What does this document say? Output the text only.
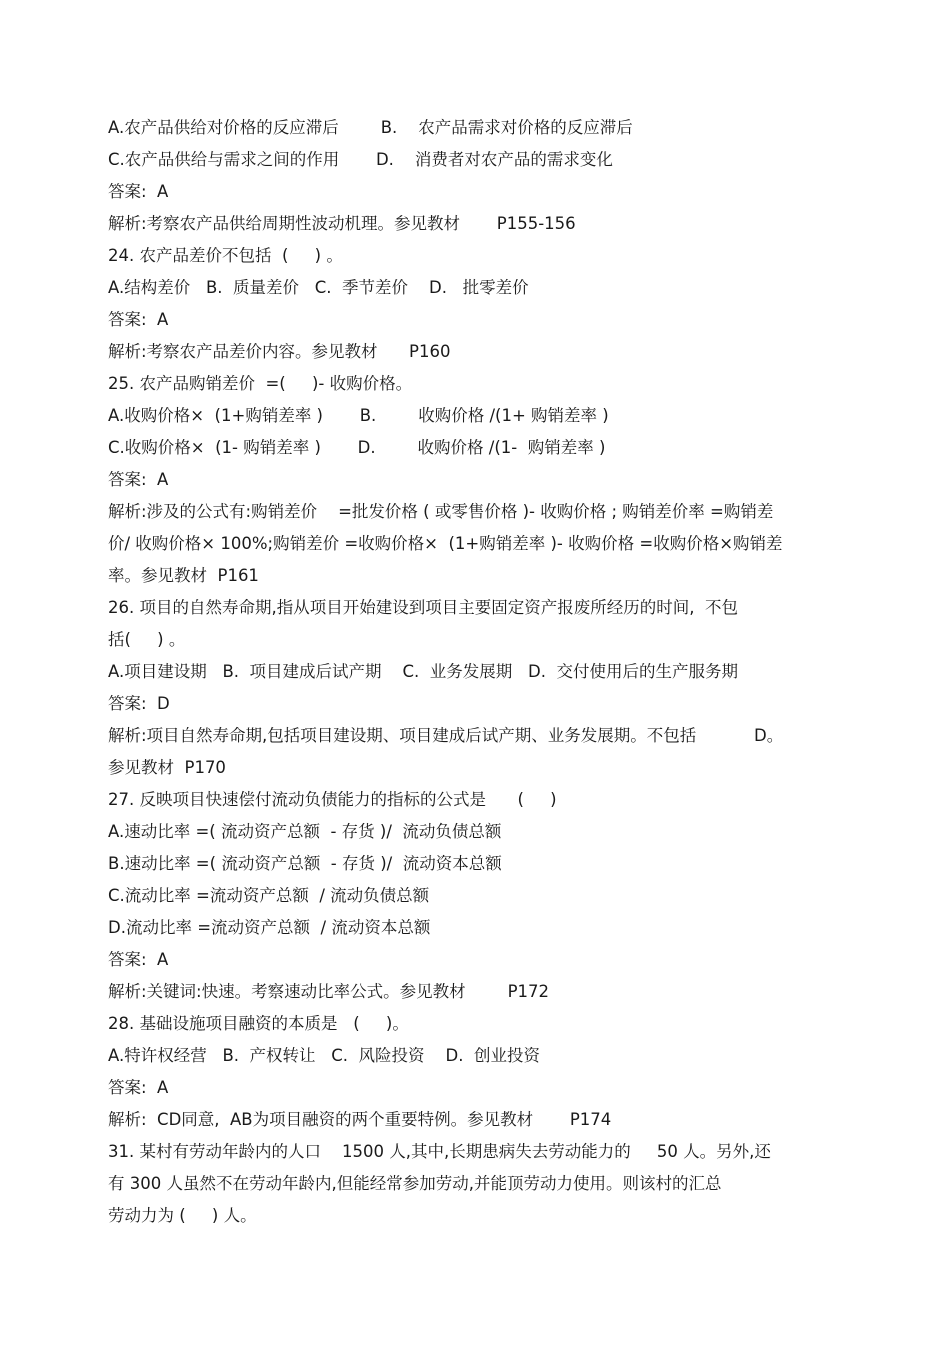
A.农产品供给对价格的反应滞后        B.    农产品需求对价格的反应滞后
C.农产品供给与需求之间的作用       D.    消费者对农产品的需求变化
答案:  A
解析:考察农产品供给周期性波动机理。参见教材       P155-156
24. 农产品差价不包括  (     ) 。
A.结构差价   B.  质量差价   C.  季节差价    D.   批零差价
答案:  A
解析:考察农产品差价内容。参见教材      P160
25. 农产品购销差价  =(     )- 收购价格。
A.收购价格×  (1+购销差率 )       B.        收购价格 /(1+ 购销差率 )
C.收购价格×  (1- 购销差率 )       D.        收购价格 /(1-  购销差率 )
答案:  A
解析:涉及的公式有:购销差价    =批发价格 ( 或零售价格 )- 收购价格 ; 购销差价率 =购销差
价/ 收购价格× 100%;购销差价 =收购价格×  (1+购销差率 )- 收购价格 =收购价格×购销差
率。参见教材  P161
26. 项目的自然寿命期,指从项目开始建设到项目主要固定资产报废所经历的时间,  不包
括(     ) 。
A.项目建设期   B.  项目建成后试产期    C.  业务发展期   D.  交付使用后的生产服务期
答案:  D
解析:项目自然寿命期,包括项目建设期、项目建成后试产期、业务发展期。不包括           D。
参见教材  P170
27. 反映项目快速偿付流动负债能力的指标的公式是      (     )
A.速动比率 =( 流动资产总额  - 存货 )/  流动负债总额
B.速动比率 =( 流动资产总额  - 存货 )/  流动资本总额
C.流动比率 =流动资产总额  / 流动负债总额
D.流动比率 =流动资产总额  / 流动资本总额
答案:  A
解析:关键词:快速。考察速动比率公式。参见教材        P172
28. 基础设施项目融资的本质是   (     )。
A.特许权经营   B.  产权转让   C.  风险投资    D.  创业投资
答案:  A
解析:  CD同意,  AB为项目融资的两个重要特例。参见教材       P174
31. 某村有劳动年龄内的人口    1500 人,其中,长期患病失去劳动能力的     50 人。另外,还
有 300 人虽然不在劳动年龄内,但能经常参加劳动,并能顶劳动力使用。则该村的汇总
劳动力为 (     ) 人。
